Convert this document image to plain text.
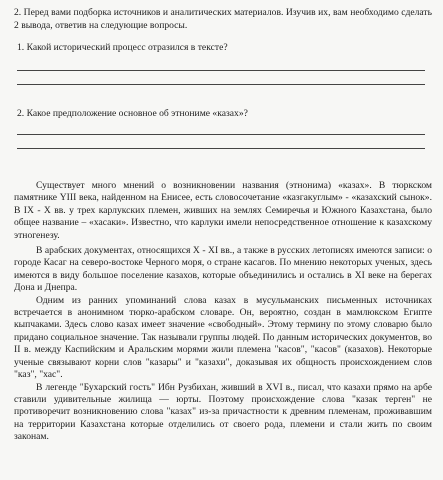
2. Перед вами подборка источников и аналитических материалов. Изучив их, вам необходимо сделать 2 вывода, ответив на следующие вопросы.
1. Какой исторический процесс отразился в тексте?
2. Какое предположение основное об этнониме «казах»?

Существует много мнений о возникновении названия (этнонима) «казах». В тюркском памятнике YIII века, найденном на Енисее, есть словосочетание «казгакуглым» - «казахский сынок». В IX - X вв. у трех карлукских племен, живших на землях Семиречья и Южного Казахстана, было общее название – «хасаки». Известно, что карлуки имели непосредственное отношение к казахскому этногенезу.

В арабских документах, относящихся X - XI вв., а также в русских летописях имеются записи: о городе Касаг на северо-востоке Черного моря, о стране касагов. По мнению некоторых ученых, здесь имеются в виду большое поселение казахов, которые объединились и остались в XI веке на берегах Дона и Днепра.

Одним из ранних упоминаний слова казах в мусульманских письменных источниках встречается в анонимном тюрко-арабском словаре. Он, вероятно, создан в мамлюкском Египте кыпчаками. Здесь слово казах имеет значение «свободный». Этому термину по этому словарю было придано социальное значение. Так называли группы людей. По данным исторических документов, во II в. между Каспийским и Аральским морями жили племена "касов", "касов" (казахов). Некоторые ученые связывают корни слов "казары" и "казахи", доказывая их общность происхождением слов "каз", "хас".

В легенде "Бухарский гость" Ибн Рузбихан, живший в XVI в., писал, что казахи прямо на арбе ставили удивительные жилища — юрты. Поэтому происхождение слова "казак терген" не противоречит возникновению слова "казах" из-за причастности к древним племенам, проживавшим на территории Казахстана которые отделились от своего рода, племени и стали жить по своим законам.
